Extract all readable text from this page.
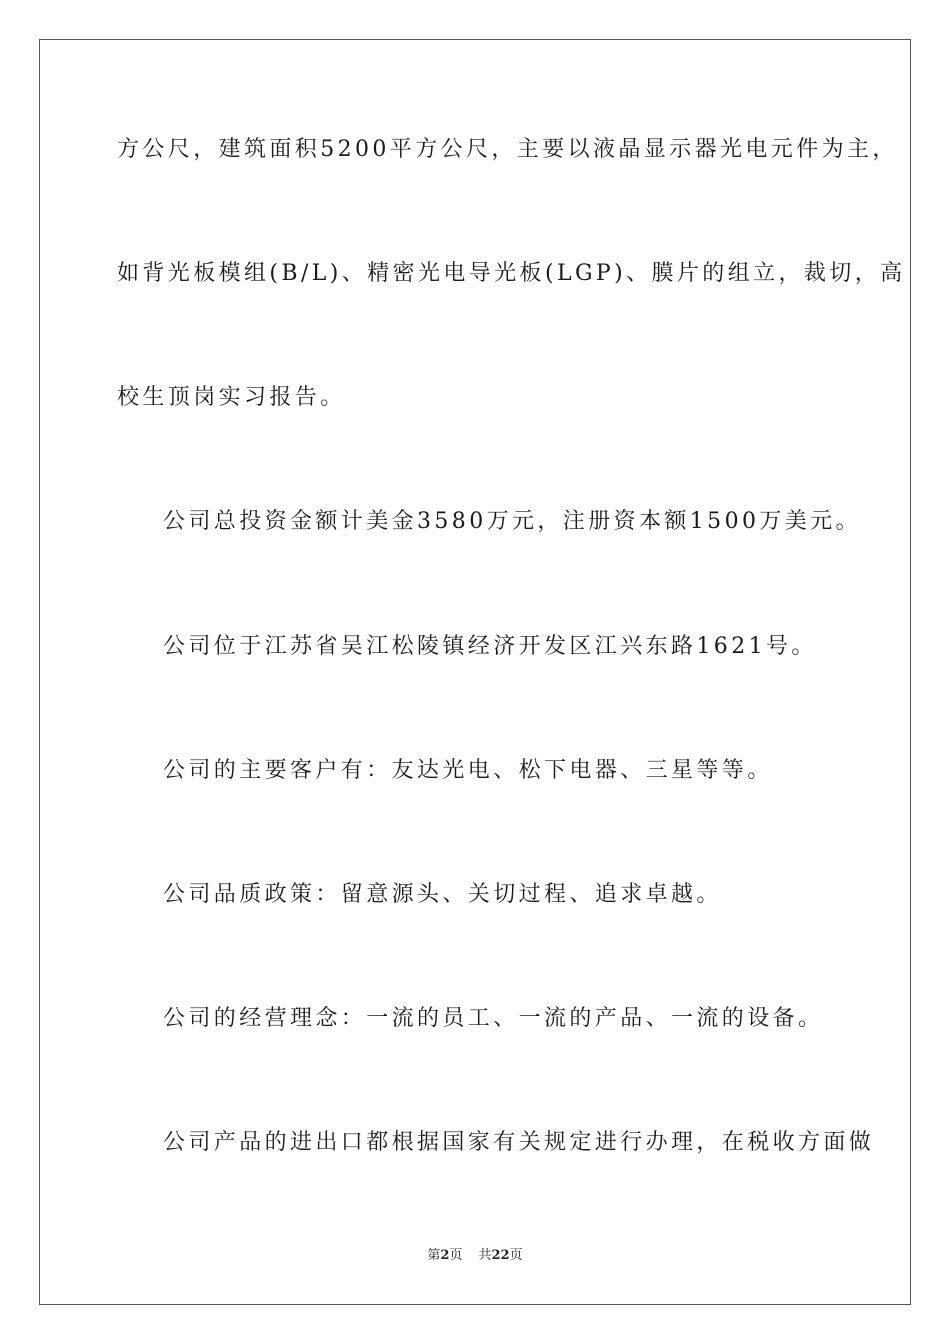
方公尺，建筑面积5200平方公尺，主要以液晶显示器光电元件为主，
如背光板模组(B/L)、精密光电导光板(LGP)、膜片的组立，裁切，高
校生顶岗实习报告。
公司总投资金额计美金3580万元，注册资本额1500万美元。
公司位于江苏省吴江松陵镇经济开发区江兴东路1621号。
公司的主要客户有：友达光电、松下电器、三星等等。
公司品质政策：留意源头、关切过程、追求卓越。
公司的经营理念：一流的员工、一流的产品、一流的设备。
公司产品的进出口都根据国家有关规定进行办理，在税收方面做
第2页 共22页
